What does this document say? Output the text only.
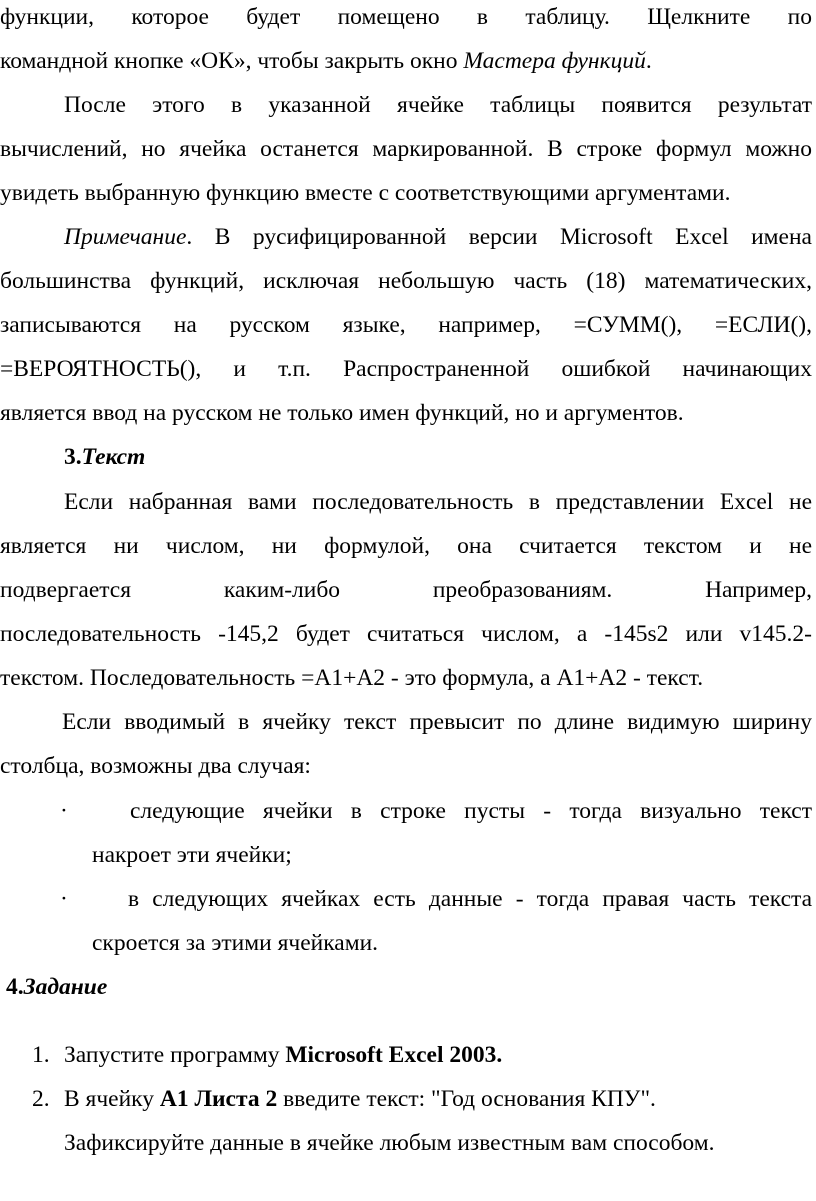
функции, которое будет помещено в таблицу. Щелкните по
командной кнопке «ОК», чтобы закрыть окно Мастера функций.
После этого в указанной ячейке таблицы появится результат
вычислений, но ячейка останется маркированной. В строке формул можно
увидеть выбранную функцию вместе с соответствующими аргументами.
Примечание. В русифицированной версии Microsoft Excel имена
большинства функций, исключая небольшую часть (18) математических,
записываются на русском языке, например, =СУММ(), =ЕСЛИ(),
=ВЕРОЯТНОСТЬ(), и т.п. Распространенной ошибкой начинающих
является ввод на русском не только имен функций, но и аргументов.
3.Текст
Если набранная вами последовательность в представлении Excel не
является ни числом, ни формулой, она считается текстом и не
подвергается каким-либо преобразованиям. Например,
последовательность -145,2 будет считаться числом, а -145s2 или v145.2-
текстом. Последовательность =А1+А2 - это формула, а А1+А2 - текст.
Если вводимый в ячейку текст превысит по длине видимую ширину
столбца, возможны два случая:
·	следующие ячейки в строке пусты - тогда визуально текст
накроет эти ячейки;
·	в следующих ячейках есть данные - тогда правая часть текста
скроется за этими ячейками.
4.Задание
1. Запустите программу Microsoft Excel 2003.
2. В ячейку А1 Листа 2 введите текст: "Год основания КПУ".
Зафиксируйте данные в ячейке любым известным вам способом.
